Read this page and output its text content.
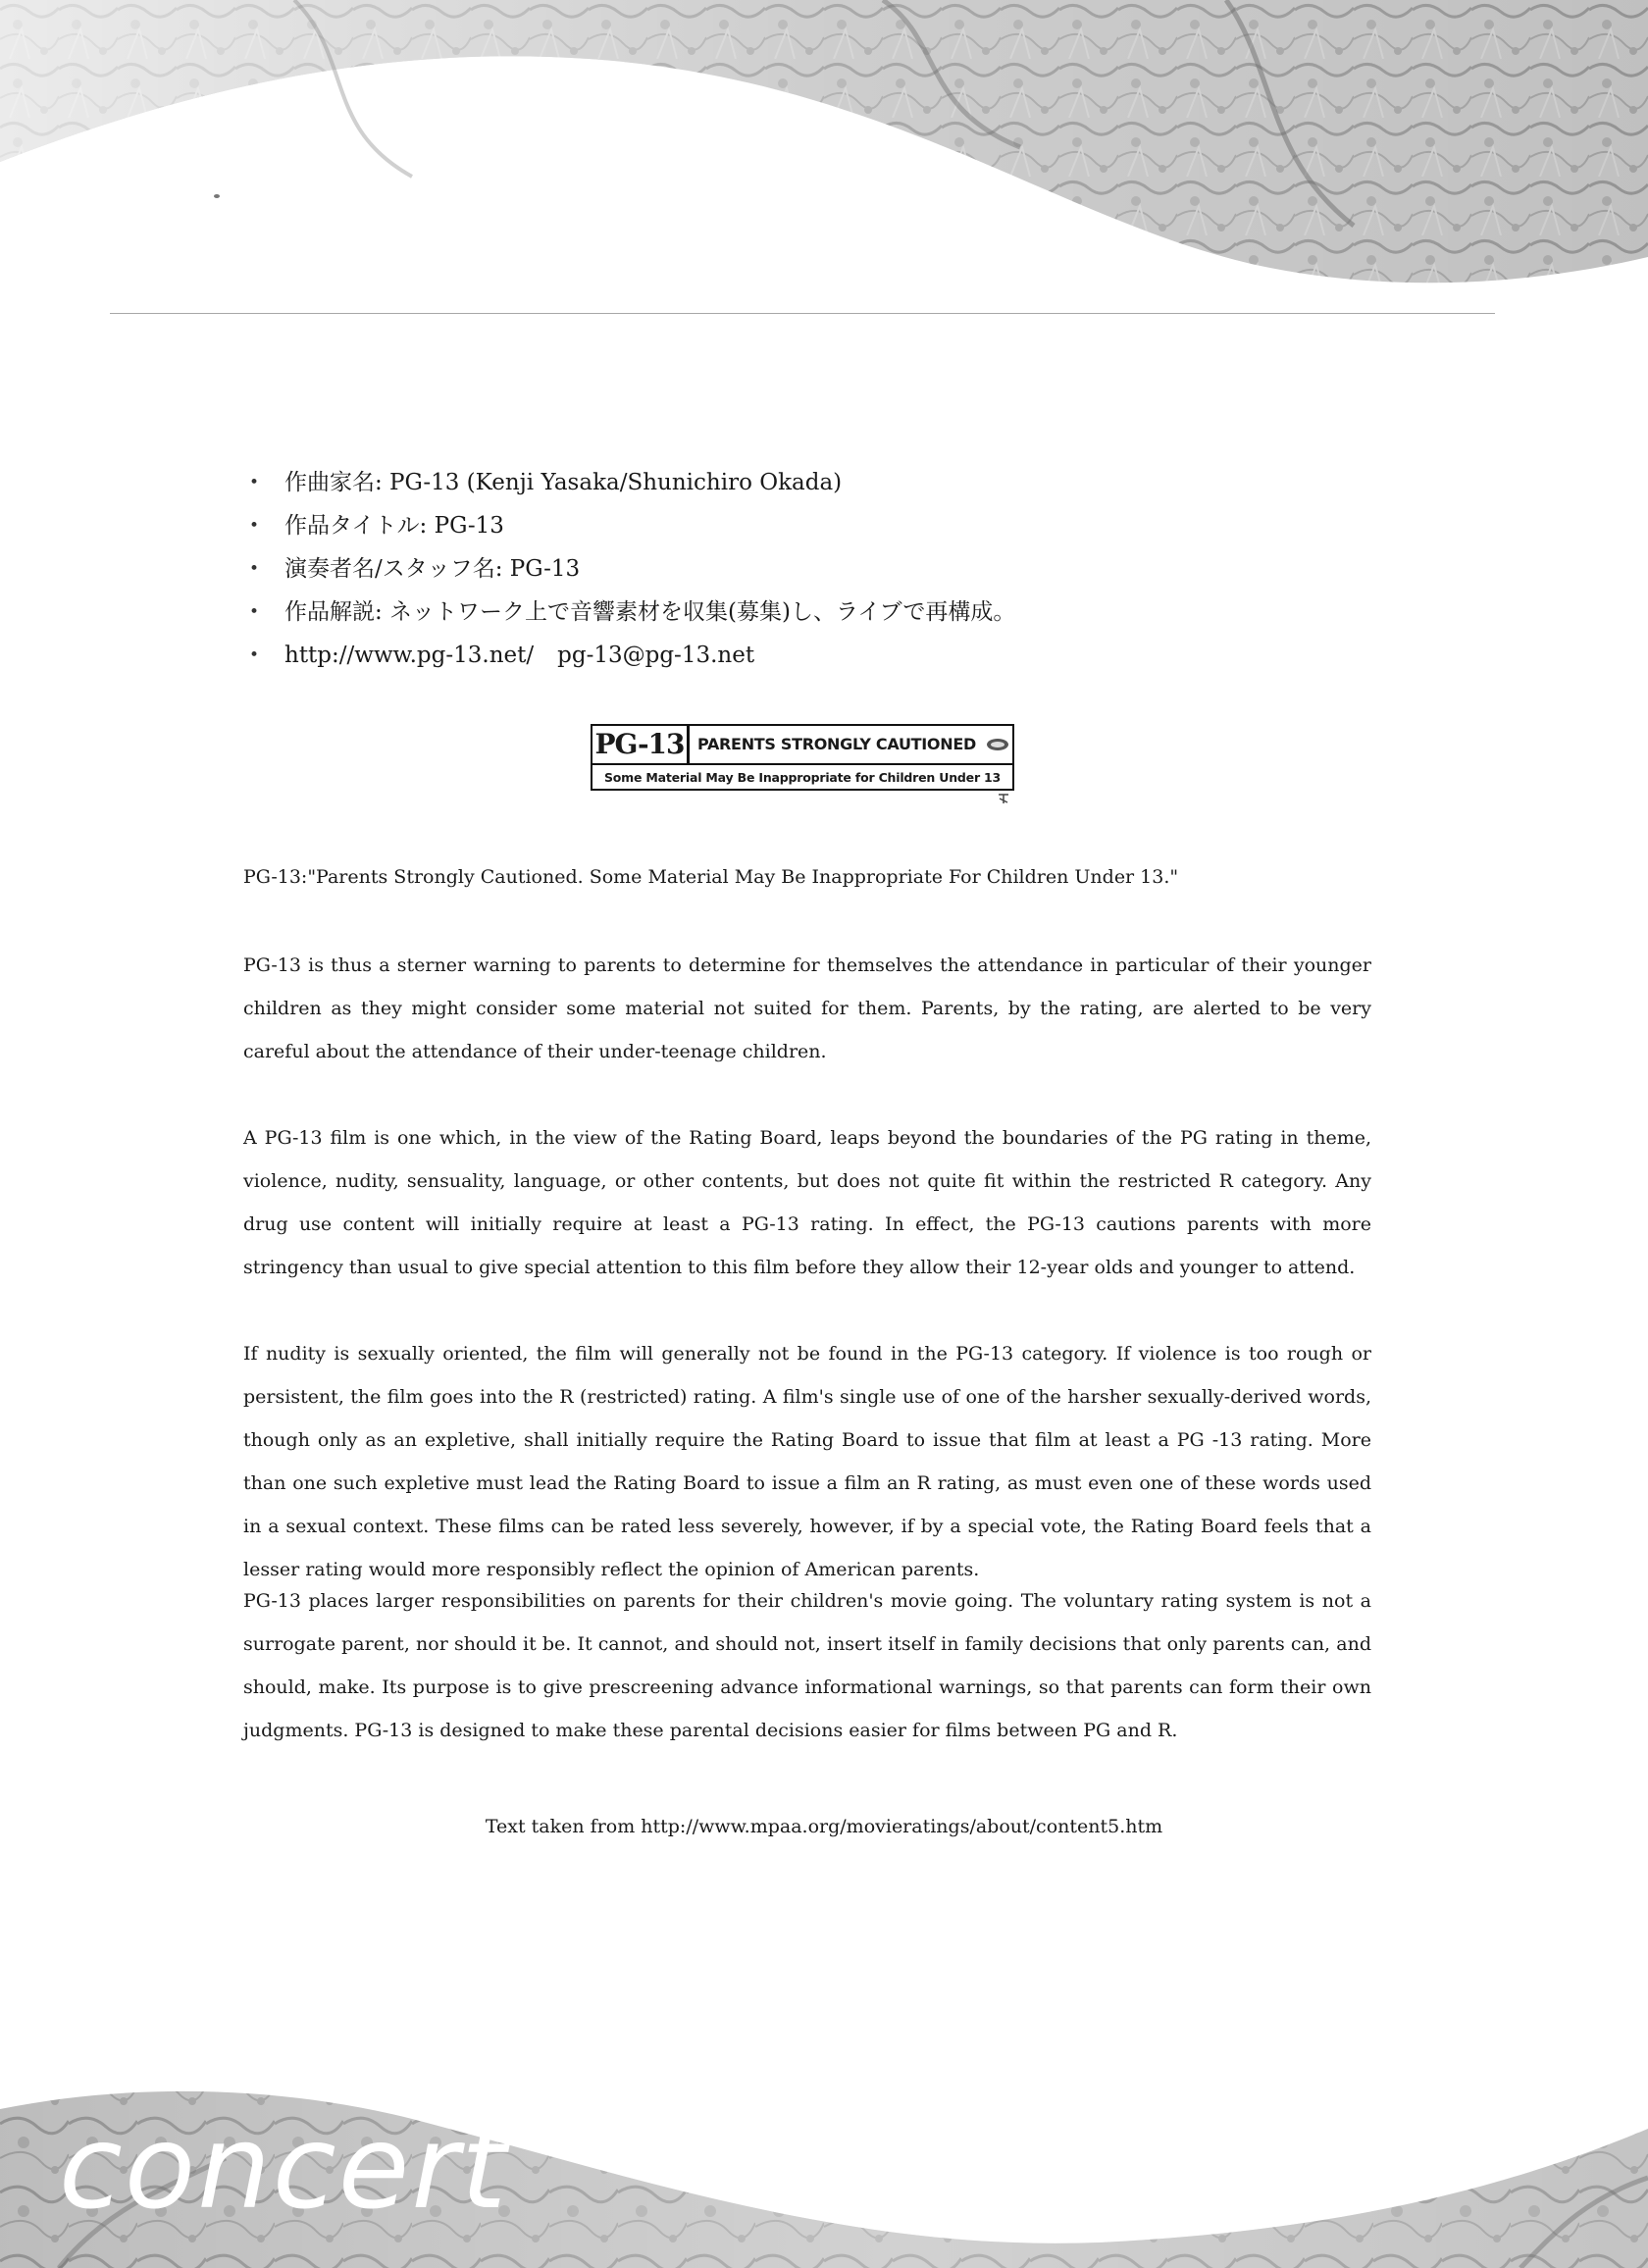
• 作曲家名: PG-13 (Kenji Yasaka/Shunichiro Okada)
• 作品タイトル: PG-13
• 演奏者名/スタッフ名: PG-13
• 作品解説: ネットワーク上で音響素材を収集(募集)し、ライブで再構成。
• http://www.pg-13.net/ pg-13@pg-13.net
PG-13 PARENTS STRONGLY CAUTIONED
Some Material May Be Inappropriate for Children Under 13

PG-13:"Parents Strongly Cautioned. Some Material May Be Inappropriate For Children Under 13."

PG-13 is thus a sterner warning to parents to determine for themselves the attendance in particular of their younger children as they might consider some material not suited for them. Parents, by the rating, are alerted to be very careful about the attendance of their under-teenage children.

A PG-13 film is one which, in the view of the Rating Board, leaps beyond the boundaries of the PG rating in theme, violence, nudity, sensuality, language, or other contents, but does not quite fit within the restricted R category. Any drug use content will initially require at least a PG-13 rating. In effect, the PG-13 cautions parents with more stringency than usual to give special attention to this film before they allow their 12-year olds and younger to attend.

If nudity is sexually oriented, the film will generally not be found in the PG-13 category. If violence is too rough or persistent, the film goes into the R (restricted) rating. A film's single use of one of the harsher sexually-derived words, though only as an expletive, shall initially require the Rating Board to issue that film at least a PG -13 rating. More than one such expletive must lead the Rating Board to issue a film an R rating, as must even one of these words used in a sexual context. These films can be rated less severely, however, if by a special vote, the Rating Board feels that a lesser rating would more responsibly reflect the opinion of American parents.

PG-13 places larger responsibilities on parents for their children's movie going. The voluntary rating system is not a surrogate parent, nor should it be. It cannot, and should not, insert itself in family decisions that only parents can, and should, make. Its purpose is to give prescreening advance informational warnings, so that parents can form their own judgments. PG-13 is designed to make these parental decisions easier for films between PG and R.

Text taken from http://www.mpaa.org/movieratings/about/content5.htm
concert
